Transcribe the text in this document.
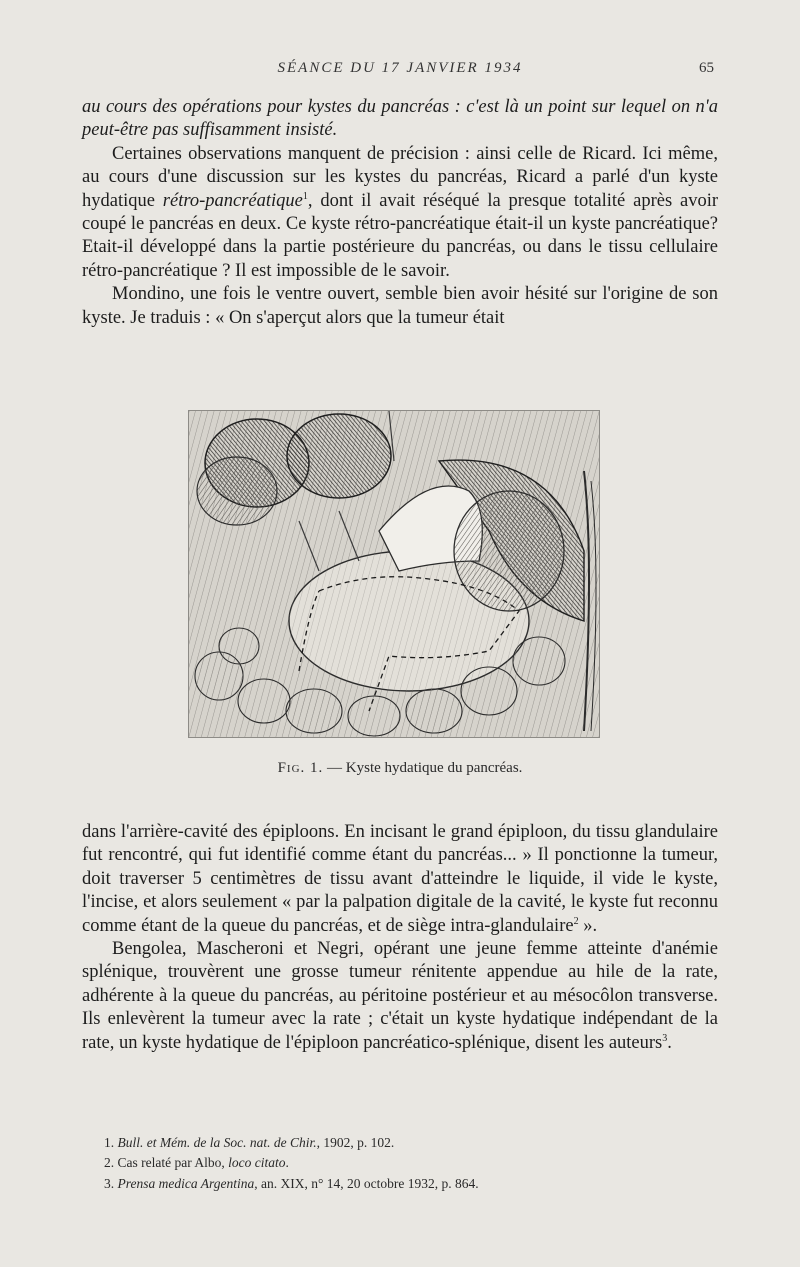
SÉANCE DU 17 JANVIER 1934	65

au cours des opérations pour kystes du pancréas : c'est là un point sur lequel on n'a peut-être pas suffisamment insisté.

Certaines observations manquent de précision : ainsi celle de Ricard. Ici même, au cours d'une discussion sur les kystes du pancréas, Ricard a parlé d'un kyste hydatique rétro-pancréatique$^1$, dont il avait réséqué la presque totalité après avoir coupé le pancréas en deux. Ce kyste rétro-pancréatique était-il un kyste pancréatique? Etait-il développé dans la partie postérieure du pancréas, ou dans le tissu cellulaire rétro-pancréatique ? Il est impossible de le savoir.

Mondino, une fois le ventre ouvert, semble bien avoir hésité sur l'origine de son kyste. Je traduis : « On s'aperçut alors que la tumeur était

Fig. 1. — Kyste hydatique du pancréas.

dans l'arrière-cavité des épiploons. En incisant le grand épiploon, du tissu glandulaire fut rencontré, qui fut identifié comme étant du pancréas... » Il ponctionne la tumeur, doit traverser 5 centimètres de tissu avant d'atteindre le liquide, il vide le kyste, l'incise, et alors seulement « par la palpation digitale de la cavité, le kyste fut reconnu comme étant de la queue du pancréas, et de siège intra-glandulaire$^2$ ».

Bengolea, Mascheroni et Negri, opérant une jeune femme atteinte d'anémie splénique, trouvèrent une grosse tumeur rénitente appendue au hile de la rate, adhérente à la queue du pancréas, au péritoine postérieur et au mésocôlon transverse. Ils enlevèrent la tumeur avec la rate ; c'était un kyste hydatique indépendant de la rate, un kyste hydatique de l'épiploon pancréatico-splénique, disent les auteurs$^3$.

1. Bull. et Mém. de la Soc. nat. de Chir., 1902, p. 102.
2. Cas relaté par Albo, loco citato.
3. Prensa medica Argentina, an. XIX, n° 14, 20 octobre 1932, p. 864.
